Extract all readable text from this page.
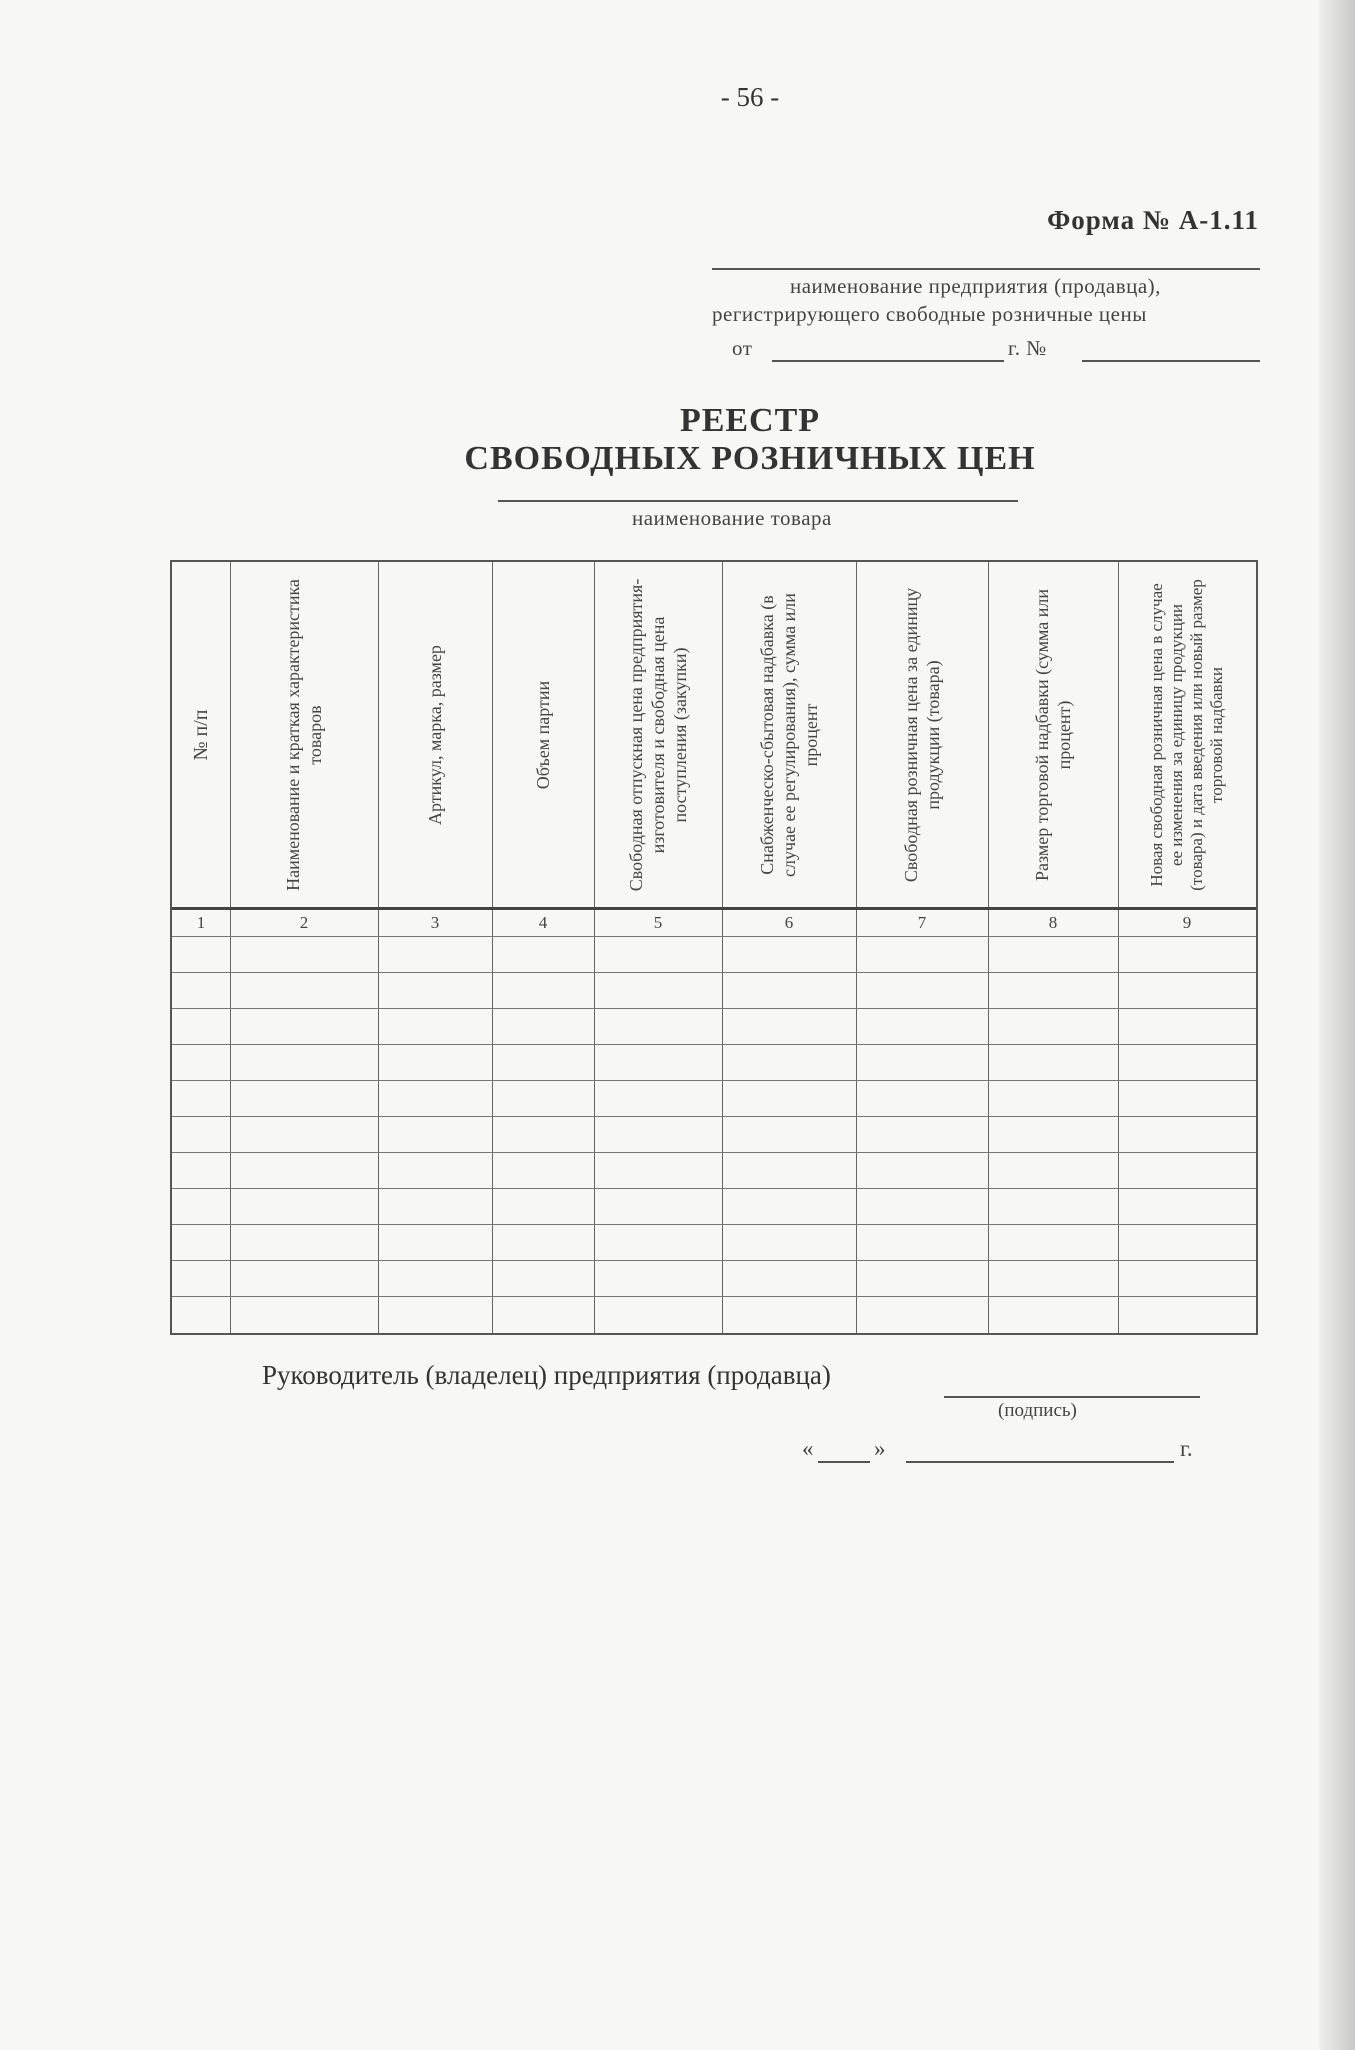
- 56 -
Форма № А-1.11
наименование предприятия (продавца),
регистрирующего свободные розничные цены
от	г. №
РЕЕСТР
СВОБОДНЫХ РОЗНИЧНЫХ ЦЕН
наименование товара
№ п/п	Наименование и краткая характеристика товаров	Артикул, марка, размер	Объем партии	Свободная отпускная цена предприятия-изготовителя и свободная цена поступления (закупки)	Снабженческо-сбытовая надбавка (в случае ее регулирования), сумма или процент	Свободная розничная цена за единицу продукции (товара)	Размер торговой надбавки (сумма или процент)	Новая свободная розничная цена в случае ее изменения за единицу продукции (товара) и дата введения или новый размер торговой надбавки
1	2	3	4	5	6	7	8	9
Руководитель (владелец) предприятия (продавца)
(подпись)
«	»	г.
